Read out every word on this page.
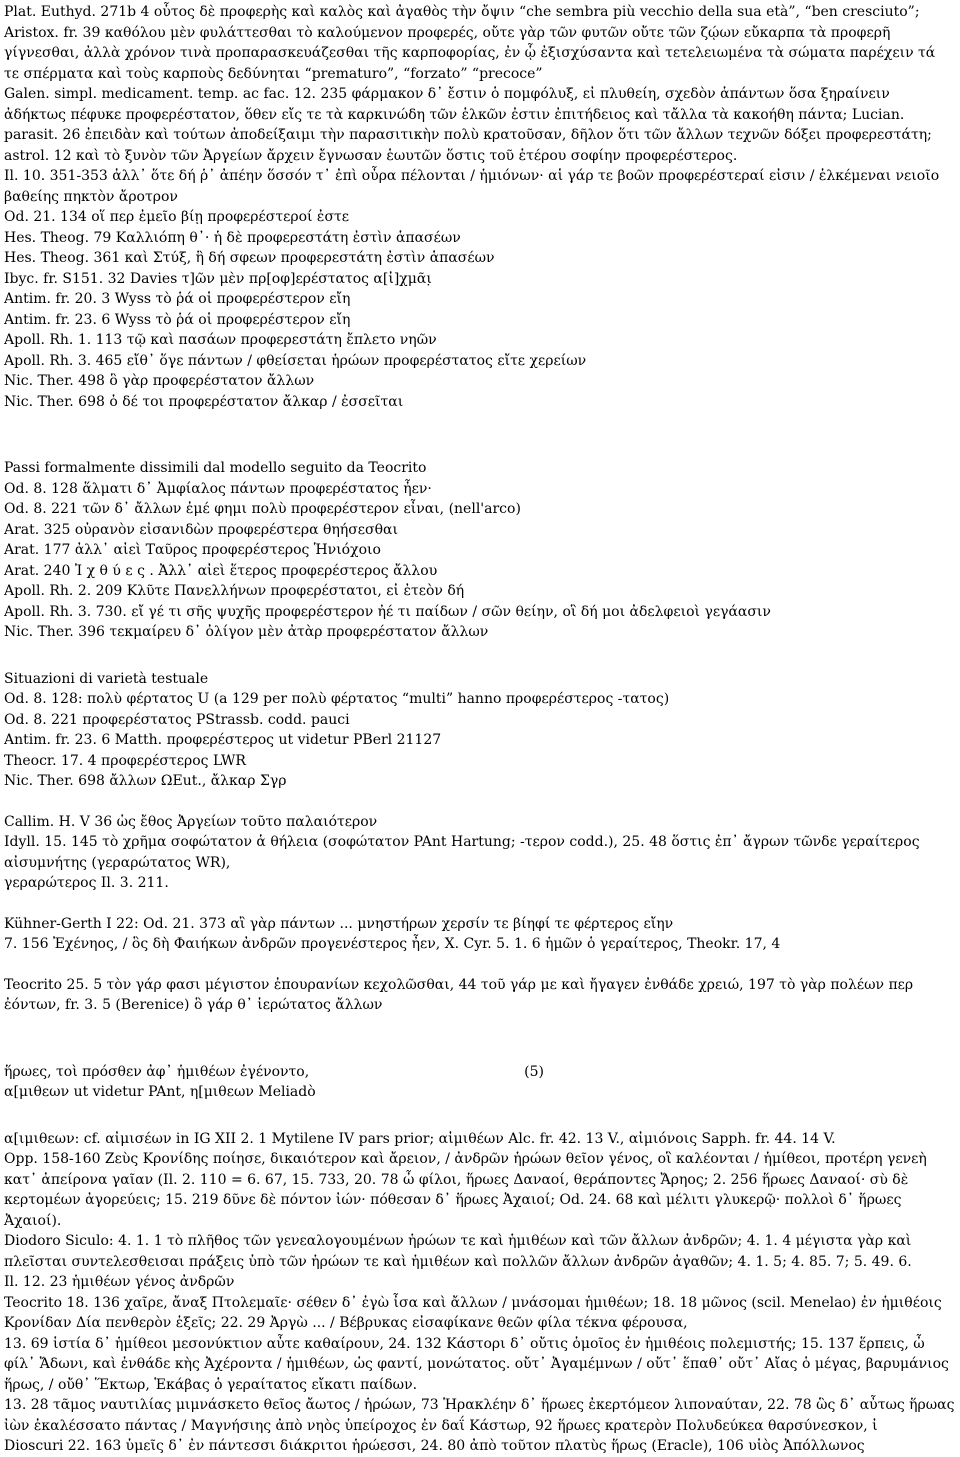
Plat. Euthyd. 271b 4 οὗτος δὲ προφερὴς καὶ καλὸς καὶ ἀγαθὸς τὴν ὄψιν “che sembra più vecchio della sua età”, “ben cresciuto”;
Aristox. fr. 39 καθόλου μὲν φυλάττεσθαι τὸ καλούμενον προφερές, οὔτε γὰρ τῶν φυτῶν οὔτε τῶν ζῴων εὔκαρπα τὰ προφερῆ
γίγνεσθαι, ἀλλὰ χρόνον τινὰ προπαρασκευάζεσθαι τῆς καρποφορίας, ἐν ᾧ ἐξισχύσαντα καὶ τετελειωμένα τὰ σώματα παρέχειν τά
τε σπέρματα καὶ τοὺς καρποὺς δεδύνηται “prematuro”, “forzato” “precoce”
Galen. simpl. medicament. temp. ac fac. 12. 235 φάρμακον δ᾽ ἔστιν ὁ πομφόλυξ, εἰ πλυθείη, σχεδὸν ἁπάντων ὅσα ξηραίνειν
ἀδήκτως πέφυκε προφερέστατον, ὅθεν εἴς τε τὰ καρκινώδη τῶν ἑλκῶν ἐστιν ἐπιτήδειος καὶ τἄλλα τὰ κακοήθη πάντα; Lucian.
parasit. 26 ἐπειδὰν καὶ τούτων ἀποδείξαιμι τὴν παρασιτικὴν πολὺ κρατοῦσαν, δῆλον ὅτι τῶν ἄλλων τεχνῶν δόξει προφερεστάτη;
astrol. 12 καὶ τὸ ξυνὸν τῶν Ἀργείων ἄρχειν ἔγνωσαν ἑωυτῶν ὅστις τοῦ ἑτέρου σοφίην προφερέστερος.
Il. 10. 351-353 ἀλλ᾽ ὅτε δή ῥ᾽ ἀπέην ὅσσόν τ᾽ ἐπὶ οὖρα πέλονται / ἡμιόνων· αἱ γάρ τε βοῶν προφερέστεραί εἰσιν / ἑλκέμεναι νειοῖο
βαθείης πηκτὸν ἄροτρον
Od. 21. 134 οἵ περ ἐμεῖο βίῃ προφερέστεροί ἐστε
Hes. Theog. 79 Καλλιόπη θ᾽· ἡ δὲ προφερεστάτη ἐστὶν ἁπασέων
Hes. Theog. 361 καὶ Στύξ, ἣ δή σφεων προφερεστάτη ἐστὶν ἁπασέων
Ibyc. fr. S151. 32 Davies τ]ῶν μὲν πρ[οφ]ερέστατος α[ἰ]χμᾶι̣
Antim. fr. 20. 3 Wyss τὸ ῥά οἱ προφερέστερον εἴη
Antim. fr. 23. 6 Wyss τὸ ῥά οἱ προφερέστερον εἴη
Apoll. Rh. 1. 113 τῷ καὶ πασάων προφερεστάτη ἔπλετο νηῶν
Apoll. Rh. 3. 465 εἴθ᾽ ὅγε πάντων / φθείσεται ἡρώων προφερέστατος εἴτε χερείων
Nic. Ther. 498 ὃ γὰρ προφερέστατον ἄλλων
Nic. Ther. 698 ὁ δέ τοι προφερέστατον ἄλκαρ / ἐσσεῖται
Passi formalmente dissimili dal modello seguito da Teocrito
Od. 8. 128 ἅλματι δ᾽ Ἀμφίαλος πάντων προφερέστατος ἦεν·
Od. 8. 221 τῶν δ᾽ ἄλλων ἐμέ φημι πολὺ προφερέστερον εἶναι, (nell'arco)
Arat. 325 οὐρανὸν εἰσανιδὼν προφερέστερα θηήσεσθαι
Arat. 177 ἀλλ᾽ αἰεὶ Ταῦρος προφερέστερος Ἡνιόχοιο
Arat. 240 Ἰ χ θ ύ ε ς . Ἀλλ᾽ αἰεὶ ἕτερος προφερέστερος ἄλλου
Apoll. Rh. 2. 209 Κλῦτε Πανελλήνων προφερέστατοι, εἰ ἐτεὸν δή
Apoll. Rh. 3. 730. εἴ γέ τι σῆς ψυχῆς προφερέστερον ἠέ τι παίδων / σῶν θείην, οἳ δή μοι ἀδελφειοὶ γεγάασιν
Nic. Ther. 396 τεκμαίρευ δ᾽ ὀλίγον μὲν ἀτὰρ προφερέστατον ἄλλων
Situazioni di varietà testuale
Od. 8. 128: πολὺ φέρτατος U (a 129 per πολὺ φέρτατος “multi” hanno προφερέστερος -τατος)
Od. 8. 221 προφερέστατος PStrassb. codd. pauci
Antim. fr. 23. 6 Matth. προφερέστερος ut videtur PBerl 21127
Theocr. 17. 4 προφερέστερος LWR
Nic. Ther. 698 ἄλλων ΩEut., ἄλκαρ Σγρ
Callim. H. V 36 ὡς ἔθος Ἀργείων τοῦτο παλαιότερον
Idyll. 15. 145 τὸ χρῆμα σοφώτατον ἁ θήλεια (σοφώτατον PAnt Hartung; -τερον codd.), 25. 48 ὅστις ἐπ᾽ ἄγρων τῶνδε γεραίτερος αἰσυμνήτης (γεραρώτατος WR),
γεραρώτερος Il. 3. 211.
Kühner-Gerth I 22: Od. 21. 373 αἲ γὰρ πάντων ... μνηστήρων χερσίν τε βίηφί τε φέρτερος εἴην
7. 156 Ἐχένηος, / ὃς δὴ Φαιήκων ἀνδρῶν προγενέστερος ἦεν, X. Cyr. 5. 1. 6 ἡμῶν ὁ γεραίτερος, Theokr. 17, 4
Teocrito 25. 5 τὸν γάρ φασι μέγιστον ἐπουρανίων κεχολῶσθαι, 44 τοῦ γάρ με καὶ ἤγαγεν ἐνθάδε χρειώ, 197 τὸ γὰρ πολέων περ ἐόντων, fr. 3. 5 (Berenice) ὃ γάρ θ᾽ ἱερώτατος ἄλλων
ἥρωες, τοὶ πρόσθεν ἀφ᾽ ἡμιθέων ἐγένοντο,	(5)
α[μιθεων ut videtur PAnt, η[μιθεων Meliadò
α[ιμιθεων: cf. αἰμισέων in IG XII 2. 1 Mytilene IV pars prior; αἰμιθέων Alc. fr. 42. 13 V., αἰμιόνοις Sapph. fr. 44. 14 V.
Opp. 158-160 Ζεὺς Κρονίδης ποίησε, δικαιότερον καὶ ἄρειον, / ἀνδρῶν ἡρώων θεῖον γένος, οἳ καλέονται / ἡμίθεοι, προτέρη γενεὴ κατ᾽ ἀπείρονα γαῖαν (Il. 2. 110 = 6. 67, 15. 733, 20. 78 ὦ φίλοι, ἥρωες Δαναοί, θεράποντες Ἄρηος; 2. 256 ἥρωες Δαναοί· σὺ δὲ κερτομέων ἀγορεύεις; 15. 219 δῦνε δὲ πόντον ἰών· πόθεσαν δ᾽ ἥρωες Ἀχαιοί; Od. 24. 68 καὶ μέλιτι γλυκερῷ· πολλοὶ δ᾽ ἥρωες Ἀχαιοί).
Diodoro Siculo: 4. 1. 1 τὸ πλῆθος τῶν γενεαλογουμένων ἡρώων τε καὶ ἡμιθέων καὶ τῶν ἄλλων ἀνδρῶν; 4. 1. 4 μέγιστα γὰρ καὶ πλεῖσται συντελεσθεισαι πράξεις ὑπὸ τῶν ἡρώων τε καὶ ἡμιθέων καὶ πολλῶν ἄλλων ἀνδρῶν ἀγαθῶν; 4. 1. 5; 4. 85. 7; 5. 49. 6.
Il. 12. 23 ἡμιθέων γένος ἀνδρῶν
Teocrito 18. 136 χαῖρε, ἄναξ Πτολεμαῖε· σέθεν δ᾽ ἐγὼ ἶσα καὶ ἄλλων / μνάσομαι ἡμιθέων; 18. 18 μῶνος (scil. Menelao) ἐν ἡμιθέοις Κρονίδαν Δία πενθερὸν ἑξεῖς; 22. 29 Ἀργὼ ... / Βέβρυκας εἰσαφίκανε θεῶν φίλα τέκνα φέρουσα,
13. 69 ἱστία δ᾽ ἡμίθεοι μεσονύκτιον αὖτε καθαίρουν, 24. 132 Κάστορι δ᾽ οὔτις ὁμοῖος ἐν ἡμιθέοις πολεμιστής; 15. 137 ἕρπεις, ὦ φίλ᾽ Ἄδωνι, καὶ ἐνθάδε κὴς Ἀχέροντα / ἡμιθέων, ὡς φαντί, μονώτατος. οὔτ᾽ Ἀγαμέμνων / οὔτ᾽ ἕπαθ᾽ οὔτ᾽ Αἴας ὁ μέγας, βαρυμάνιος ἥρως, / οὔθ᾽ Ἕκτωρ, Ἑκάβας ὁ γεραίτατος εἴκατι παίδων.
13. 28 τᾶμος ναυτιλίας μιμνάσκετο θεῖος ἄωτος / ἡρώων, 73 Ἡρακλέην δ᾽ ἥρωες ἐκερτόμεον λιποναύταν, 22. 78 ὣς δ᾽ αὖτως ἥρωας ἰὼν ἐκαλέσσατο πάντας / Μαγνήσιης ἀπὸ νηὸς ὑπείροχος ἐν δαΐ Κάστωρ, 92 ἥρωες κρατερὸν Πολυδεύκεα θαρσύνεσκον, ἰ
Dioscuri 22. 163 ὑμεῖς δ᾽ ἐν πάντεσσι διάκριτοι ἡρώεσσι, 24. 80 ἀπὸ τοῦτον πλατὺς ἥρως (Eracle), 106 υἱὸς Ἀπόλλωνος
